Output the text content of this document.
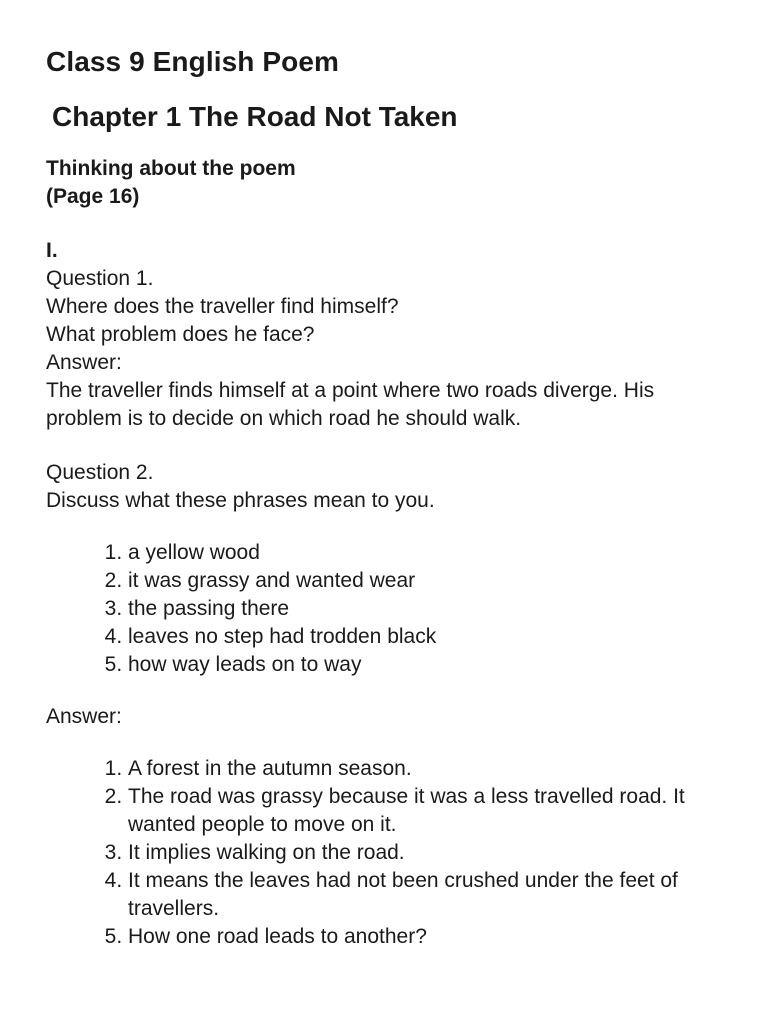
Class 9 English Poem
Chapter 1 The Road Not Taken
Thinking about the poem
(Page 16)
I.
Question 1.
Where does the traveller find himself?
What problem does he face?
Answer:
The traveller finds himself at a point where two roads diverge. His
problem is to decide on which road he should walk.
Question 2.
Discuss what these phrases mean to you.
1. a yellow wood
2. it was grassy and wanted wear
3. the passing there
4. leaves no step had trodden black
5. how way leads on to way
Answer:
1. A forest in the autumn season.
2. The road was grassy because it was a less travelled road. It wanted people to move on it.
3. It implies walking on the road.
4. It means the leaves had not been crushed under the feet of travellers.
5. How one road leads to another?
